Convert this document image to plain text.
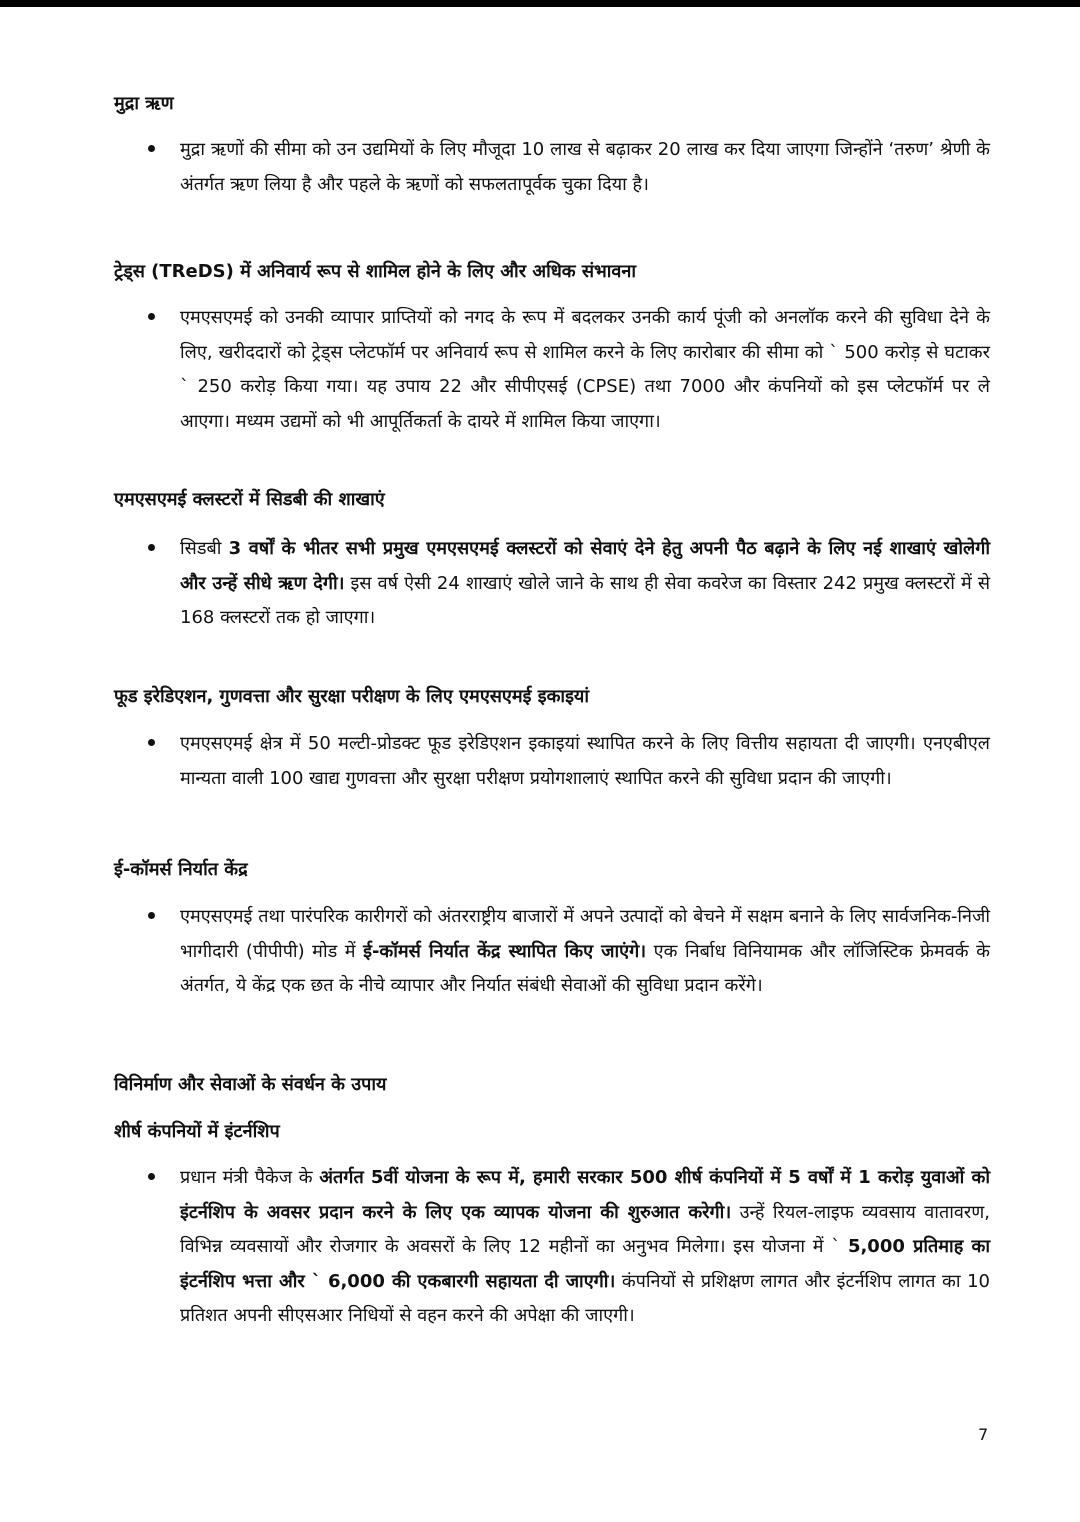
मुद्रा ऋण

मुद्रा ऋणों की सीमा को उन उद्यमियों के लिए मौजूदा 10 लाख से बढ़ाकर 20 लाख कर दिया जाएगा जिन्होंने ‘तरुण’ श्रेणी के अंतर्गत ऋण लिया है और पहले के ऋणों को सफलतापूर्वक चुका दिया है।

ट्रेड्स (TReDS) में अनिवार्य रूप से शामिल होने के लिए और अधिक संभावना

एमएसएमई को उनकी व्यापार प्राप्तियों को नगद के रूप में बदलकर उनकी कार्य पूंजी को अनलॉक करने की सुविधा देने के लिए, खरीददारों को ट्रेड्स प्लेटफॉर्म पर अनिवार्य रूप से शामिल करने के लिए कारोबार की सीमा को ` 500 करोड़ से घटाकर ` 250 करोड़ किया गया। यह उपाय 22 और सीपीएसई (CPSE) तथा 7000 और कंपनियों को इस प्लेटफॉर्म पर ले आएगा। मध्यम उद्यमों को भी आपूर्तिकर्ता के दायरे में शामिल किया जाएगा।

एमएसएमई क्लस्टरों में सिडबी की शाखाएं

सिडबी 3 वर्षों के भीतर सभी प्रमुख एमएसएमई क्लस्टरों को सेवाएं देने हेतु अपनी पैठ बढ़ाने के लिए नई शाखाएं खोलेगी और उन्हें सीधे ऋण देगी। इस वर्ष ऐसी 24 शाखाएं खोले जाने के साथ ही सेवा कवरेज का विस्तार 242 प्रमुख क्लस्टरों में से 168 क्लस्टरों तक हो जाएगा।

फूड इरेडिएशन, गुणवत्ता और सुरक्षा परीक्षण के लिए एमएसएमई इकाइयां

एमएसएमई क्षेत्र में 50 मल्टी-प्रोडक्ट फूड इरेडिएशन इकाइयां स्थापित करने के लिए वित्तीय सहायता दी जाएगी। एनएबीएल मान्यता वाली 100 खाद्य गुणवत्ता और सुरक्षा परीक्षण प्रयोगशालाएं स्थापित करने की सुविधा प्रदान की जाएगी।

ई-कॉमर्स निर्यात केंद्र

एमएसएमई तथा पारंपरिक कारीगरों को अंतरराष्ट्रीय बाजारों में अपने उत्पादों को बेचने में सक्षम बनाने के लिए सार्वजनिक-निजी भागीदारी (पीपीपी) मोड में ई-कॉमर्स निर्यात केंद्र स्थापित किए जाएंगे। एक निर्बाध विनियामक और लॉजिस्टिक फ्रेमवर्क के अंतर्गत, ये केंद्र एक छत के नीचे व्यापार और निर्यात संबंधी सेवाओं की सुविधा प्रदान करेंगे।

विनिर्माण और सेवाओं के संवर्धन के उपाय
शीर्ष कंपनियों में इंटर्नशिप

प्रधान मंत्री पैकेज के अंतर्गत 5वीं योजना के रूप में, हमारी सरकार 500 शीर्ष कंपनियों में 5 वर्षों में 1 करोड़ युवाओं को इंटर्नशिप के अवसर प्रदान करने के लिए एक व्यापक योजना की शुरुआत करेगी। उन्हें रियल-लाइफ व्यवसाय वातावरण, विभिन्न व्यवसायों और रोजगार के अवसरों के लिए 12 महीनों का अनुभव मिलेगा। इस योजना में ` 5,000 प्रतिमाह का इंटर्नशिप भत्ता और ` 6,000 की एकबारगी सहायता दी जाएगी। कंपनियों से प्रशिक्षण लागत और इंटर्नशिप लागत का 10 प्रतिशत अपनी सीएसआर निधियों से वहन करने की अपेक्षा की जाएगी।

7
